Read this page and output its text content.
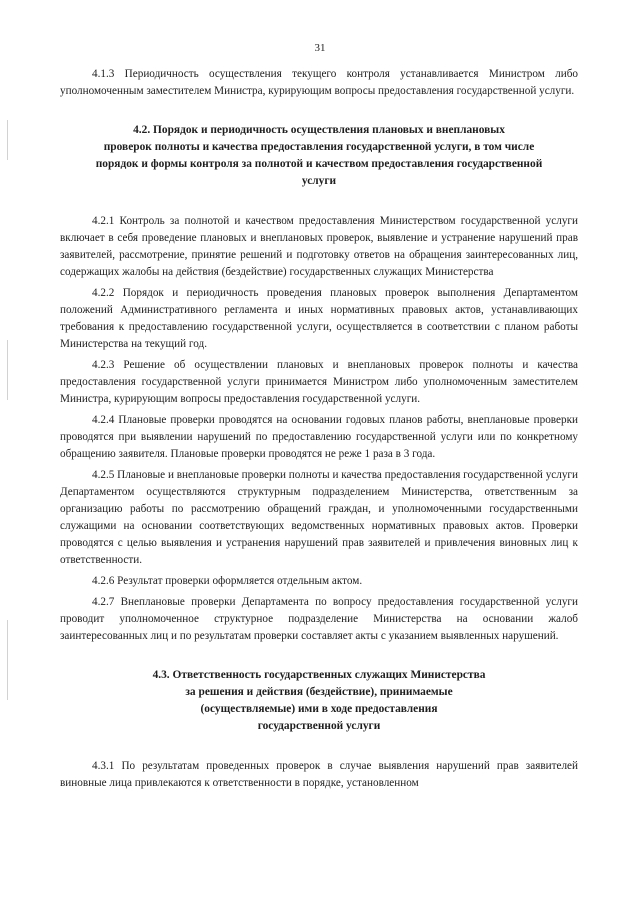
31

4.1.3 Периодичность осуществления текущего контроля устанавливается Министром либо уполномоченным заместителем Министра, курирующим вопросы предоставления государственной услуги.

4.2. Порядок и периодичность осуществления плановых и внеплановых
проверок полноты и качества предоставления государственной услуги, в том числе
порядок и формы контроля за полнотой и качеством предоставления государственной
услуги

4.2.1 Контроль за полнотой и качеством предоставления Министерством государственной услуги включает в себя проведение плановых и внеплановых проверок, выявление и устранение нарушений прав заявителей, рассмотрение, принятие решений и подготовку ответов на обращения заинтересованных лиц, содержащих жалобы на действия (бездействие) государственных служащих Министерства

4.2.2 Порядок и периодичность проведения плановых проверок выполнения Департаментом положений Административного регламента и иных нормативных правовых актов, устанавливающих требования к предоставлению государственной услуги, осуществляется в соответствии с планом работы Министерства на текущий год.

4.2.3 Решение об осуществлении плановых и внеплановых проверок полноты и качества предоставления государственной услуги принимается Министром либо уполномоченным заместителем Министра, курирующим вопросы предоставления государственной услуги.

4.2.4 Плановые проверки проводятся на основании годовых планов работы, внеплановые проверки проводятся при выявлении нарушений по предоставлению государственной услуги или по конкретному обращению заявителя. Плановые проверки проводятся не реже 1 раза в 3 года.

4.2.5 Плановые и внеплановые проверки полноты и качества предоставления государственной услуги Департаментом осуществляются структурным подразделением Министерства, ответственным за организацию работы по рассмотрению обращений граждан, и уполномоченными государственными служащими на основании соответствующих ведомственных нормативных правовых актов. Проверки проводятся с целью выявления и устранения нарушений прав заявителей и привлечения виновных лиц к ответственности.

4.2.6 Результат проверки оформляется отдельным актом.

4.2.7 Внеплановые проверки Департамента по вопросу предоставления государственной услуги проводит уполномоченное структурное подразделение Министерства на основании жалоб заинтересованных лиц и по результатам проверки составляет акты с указанием выявленных нарушений.

4.3. Ответственность государственных служащих Министерства
за решения и действия (бездействие), принимаемые
(осуществляемые) ими в ходе предоставления
государственной услуги

4.3.1 По результатам проведенных проверок в случае выявления нарушений прав заявителей виновные лица привлекаются к ответственности в порядке, установленном
